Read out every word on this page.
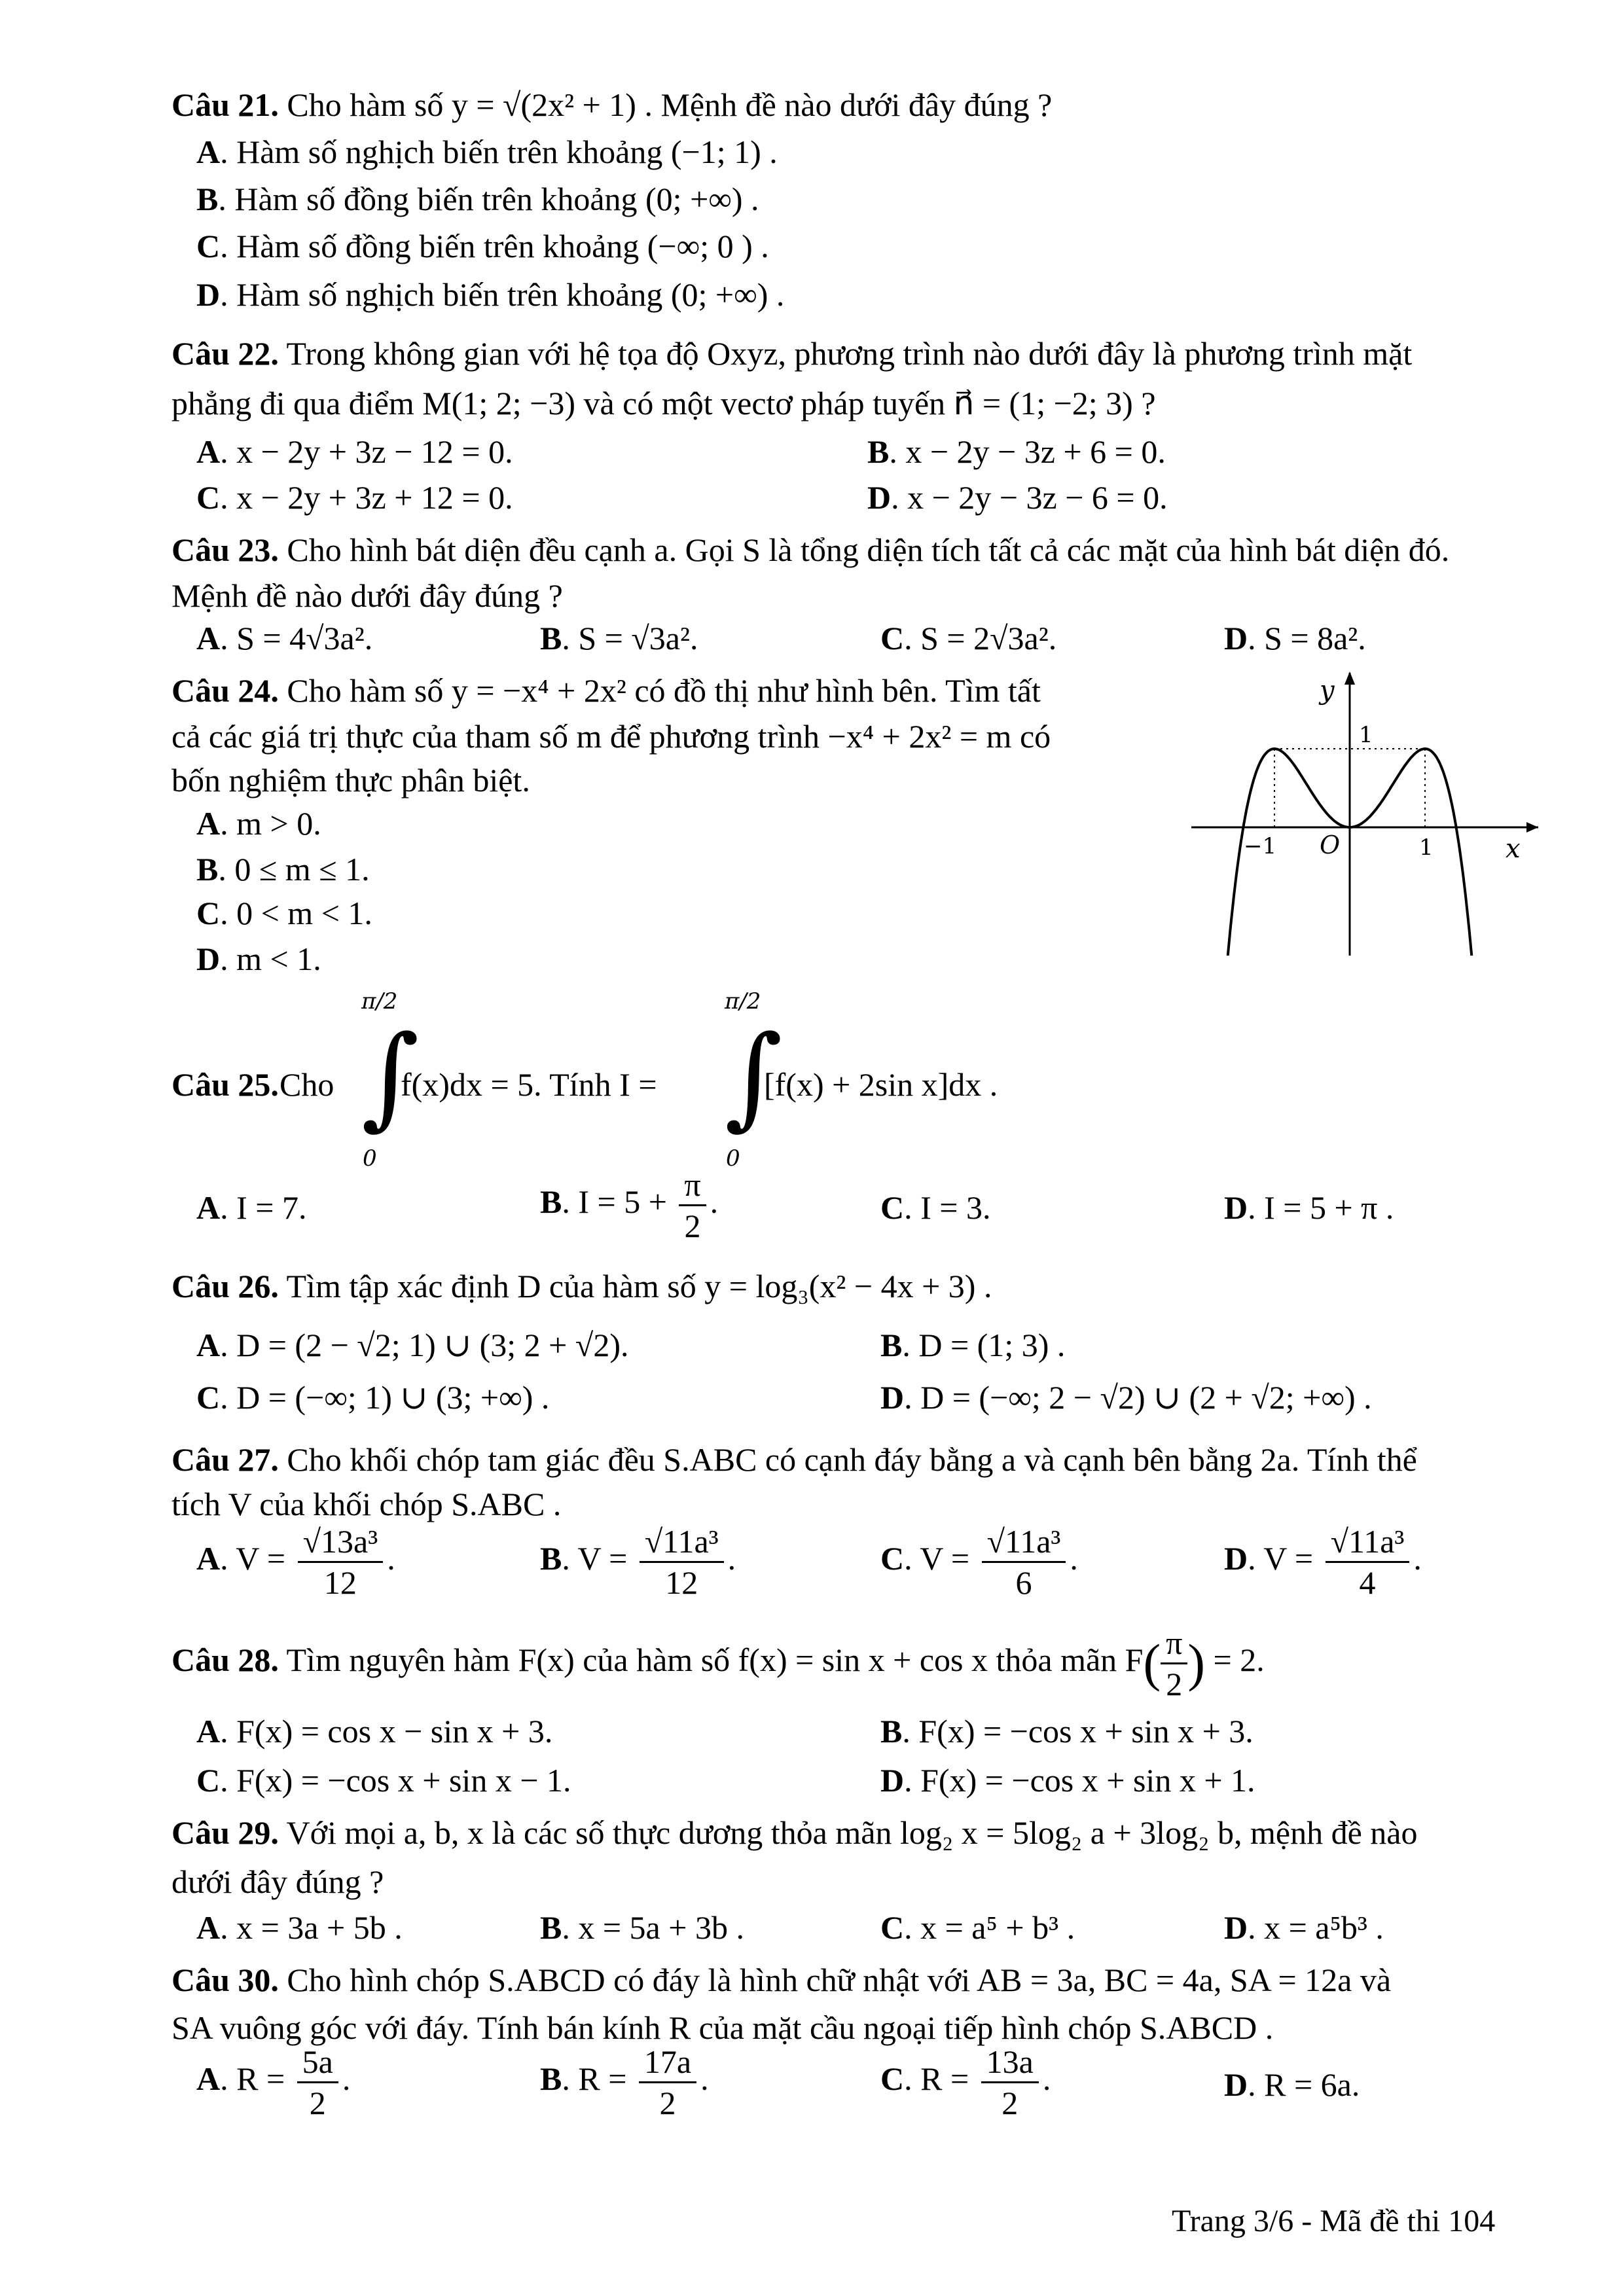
Câu 21. Cho hàm số y = √(2x² + 1) . Mệnh đề nào dưới đây đúng ?
A. Hàm số nghịch biến trên khoảng (−1; 1) .
B. Hàm số đồng biến trên khoảng (0; +∞) .
C. Hàm số đồng biến trên khoảng (−∞; 0 ) .
D. Hàm số nghịch biến trên khoảng (0; +∞) .
Câu 22. Trong không gian với hệ tọa độ Oxyz, phương trình nào dưới đây là phương trình mặt
phẳng đi qua điểm M(1; 2; −3) và có một vectơ pháp tuyến n⃗ = (1; −2; 3) ?
A. x − 2y + 3z − 12 = 0.	B. x − 2y − 3z + 6 = 0.
C. x − 2y + 3z + 12 = 0.	D. x − 2y − 3z − 6 = 0.
Câu 23. Cho hình bát diện đều cạnh a. Gọi S là tổng diện tích tất cả các mặt của hình bát diện đó.
Mệnh đề nào dưới đây đúng ?
A. S = 4√3a².	B. S = √3a².	C. S = 2√3a².	D. S = 8a².
Câu 24. Cho hàm số y = −x⁴ + 2x² có đồ thị như hình bên. Tìm tất
cả các giá trị thực của tham số m để phương trình −x⁴ + 2x² = m có
bốn nghiệm thực phân biệt.
A. m > 0.
B. 0 ≤ m ≤ 1.
C. 0 < m < 1.
D. m < 1.
y
1
−1 O	1	x
Câu 25. Cho
π/2
∫
0
f(x)dx = 5. Tính I =
π/2
∫
0
[f(x) + 2sin x]dx .
A. I = 7.	B. $I = 5 + \frac{\pi}{2}$ .	C. I = 3.	D. I = 5 + π .
Câu 26. Tìm tập xác định D của hàm số y = log₃(x² − 4x + 3) .
A. D = (2 − √2; 1) ∪ (3; 2 + √2).	B. D = (1; 3) .
C. D = (−∞; 1) ∪ (3; +∞) .	D. D = (−∞; 2 − √2) ∪ (2 + √2; +∞) .
Câu 27. Cho khối chóp tam giác đều S.ABC có cạnh đáy bằng a và cạnh bên bằng 2a. Tính thể
tích V của khối chóp S.ABC .
A. $V = \frac{\text{√13a³}}{12}$ .	B. $V = \frac{\text{√11a³}}{12}$ .	C. $V = \frac{\text{√11a³}}{6}$ .	D. $V = \frac{\text{√11a³}}{4}$ .
Câu 28. Tìm nguyên hàm F(x) của hàm số f(x) = sin x + cos x thỏa mãn $F( \frac{\pi}{2}$ ) = 2.
A. F(x) = cos x − sin x + 3.	B. F(x) = −cos x + sin x + 3.
C. F(x) = −cos x + sin x − 1.	D. F(x) = −cos x + sin x + 1.
Câu 29. Với mọi a, b, x là các số thực dương thỏa mãn log₂ x = 5log₂ a + 3log₂ b, mệnh đề nào
dưới đây đúng ?
A. x = 3a + 5b .	B. x = 5a + 3b .	C. x = a⁵ + b³ .	D. x = a⁵b³ .
Câu 30. Cho hình chóp S.ABCD có đáy là hình chữ nhật với AB = 3a, BC = 4a, SA = 12a và
SA vuông góc với đáy. Tính bán kính R của mặt cầu ngoại tiếp hình chóp S.ABCD .
A. $R = \frac{5a}{2}$ .	B. $R = \frac{17a}{2}$ .	C. $R = \frac{13a}{2}$ .	D. R = 6a.
Trang 3/6 - Mã đề thi 104
